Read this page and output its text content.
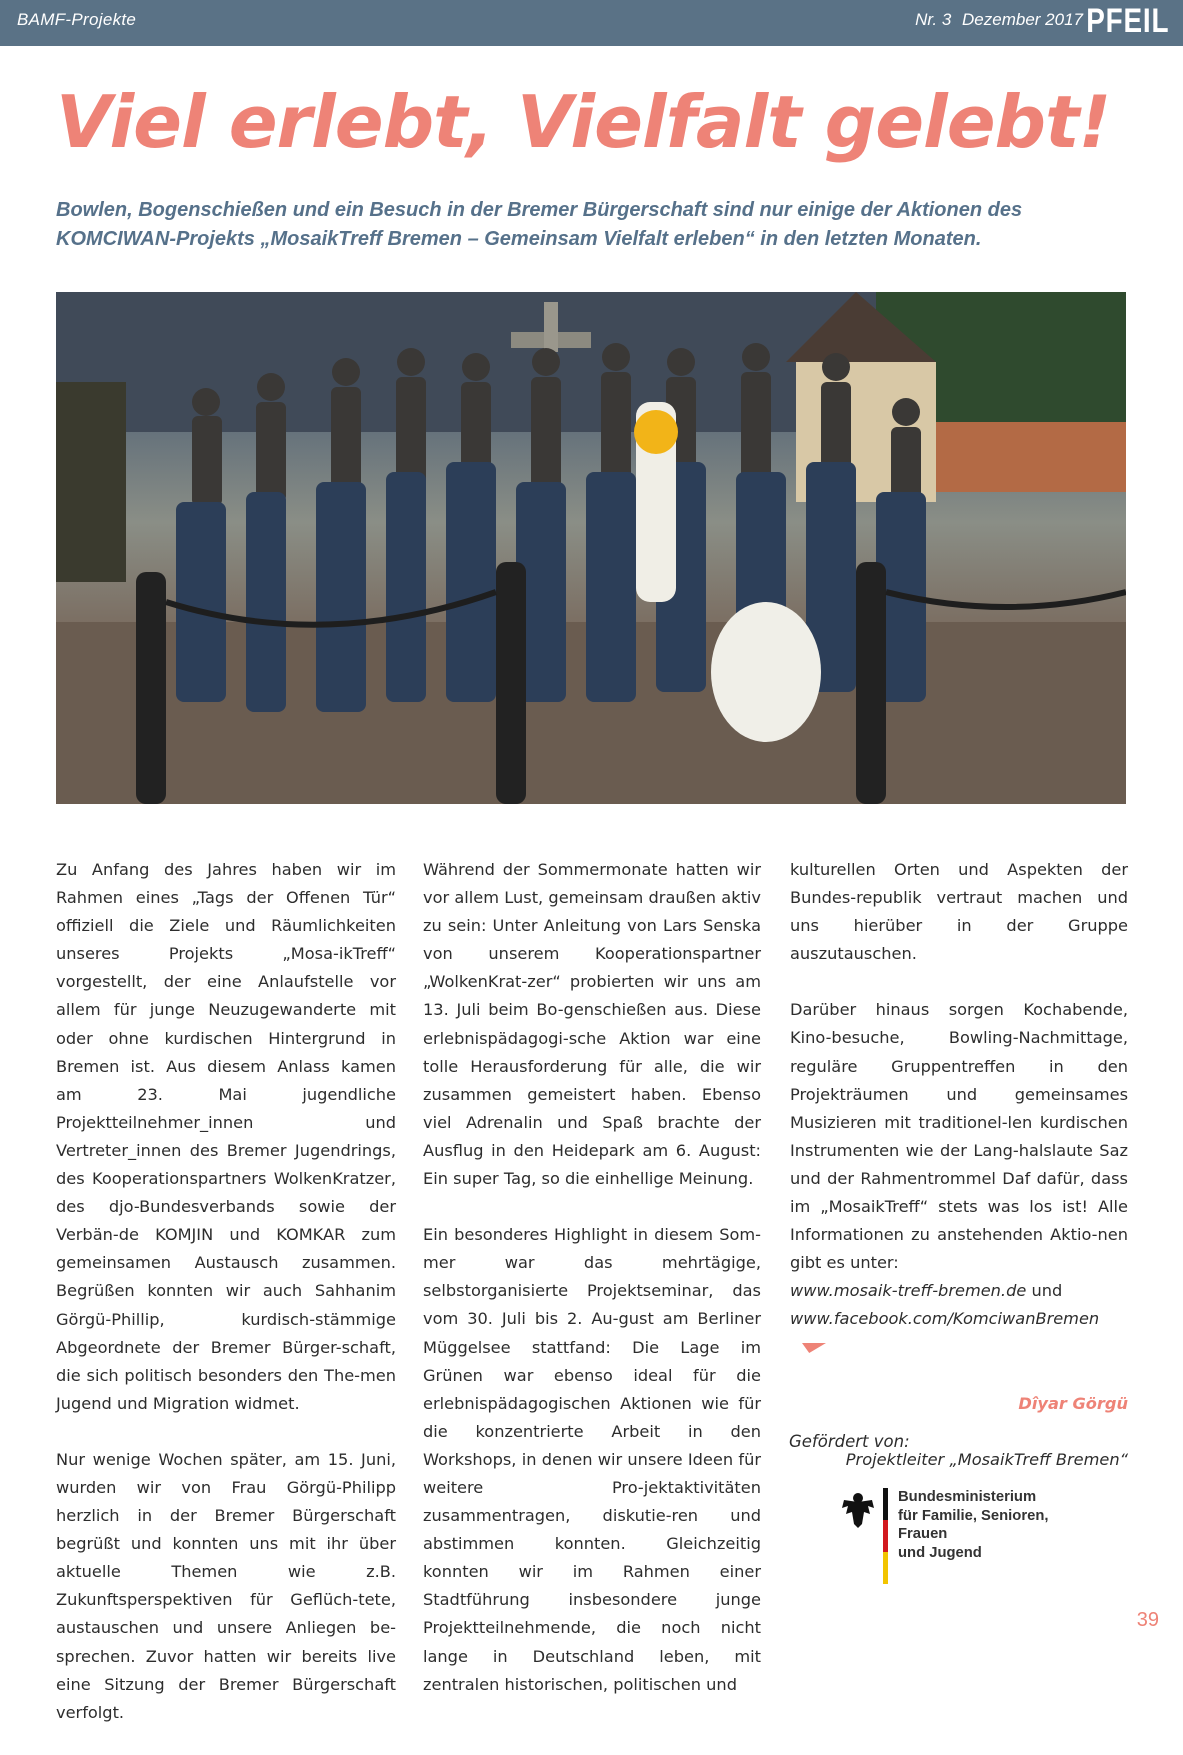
BAMF-Projekte	Nr. 3 Dezember 2017 PFEIL
Viel erlebt, Vielfalt gelebt!

Bowlen, Bogenschießen und ein Besuch in der Bremer Bürgerschaft sind nur einige der Aktionen des KOMCIWAN-Projekts „MosaikTreff Bremen – Gemeinsam Vielfalt erleben“ in den letzten Monaten.

Zu Anfang des Jahres haben wir im Rahmen eines „Tags der Offenen Tür“ offiziell die Ziele und Räumlichkeiten unseres Projekts „Mosa-ikTreff“ vorgestellt, der eine Anlaufstelle vor allem für junge Neuzugewanderte mit oder ohne kurdischen Hintergrund in Bremen ist. Aus diesem Anlass kamen am 23. Mai jugendliche Projektteilnehmer_innen und Vertreter_innen des Bremer Jugendrings, des Kooperationspartners WolkenKratzer, des djo-Bundesverbands sowie der Verbän-de KOMJIN und KOMKAR zum gemeinsamen Austausch zusammen. Begrüßen konnten wir auch Sahhanim Görgü-Phillip, kurdisch-stämmige Abgeordnete der Bremer Bürger-schaft, die sich politisch besonders den The-men Jugend und Migration widmet.

Nur wenige Wochen später, am 15. Juni, wurden wir von Frau Görgü-Philipp herzlich in der Bremer Bürgerschaft begrüßt und konnten uns mit ihr über aktuelle Themen wie z.B. Zukunftsperspektiven für Geflüch-tete, austauschen und unsere Anliegen be-sprechen. Zuvor hatten wir bereits live eine Sitzung der Bremer Bürgerschaft verfolgt.

Während der Sommermonate hatten wir vor allem Lust, gemeinsam draußen aktiv zu sein: Unter Anleitung von Lars Senska von unserem Kooperationspartner „WolkenKrat-zer“ probierten wir uns am 13. Juli beim Bo-genschießen aus. Diese erlebnispädagogi-sche Aktion war eine tolle Herausforderung für alle, die wir zusammen gemeistert haben. Ebenso viel Adrenalin und Spaß brachte der Ausflug in den Heidepark am 6. August: Ein super Tag, so die einhellige Meinung.

Ein besonderes Highlight in diesem Som-mer war das mehrtägige, selbstorganisierte Projektseminar, das vom 30. Juli bis 2. Au-gust am Berliner Müggelsee stattfand: Die Lage im Grünen war ebenso ideal für die erlebnispädagogischen Aktionen wie für die konzentrierte Arbeit in den Workshops, in denen wir unsere Ideen für weitere Pro-jektaktivitäten zusammentragen, diskutie-ren und abstimmen konnten. Gleichzeitig konnten wir im Rahmen einer Stadtführung insbesondere junge Projektteilnehmende, die noch nicht lange in Deutschland leben, mit zentralen historischen, politischen und

kulturellen Orten und Aspekten der Bundes-republik vertraut machen und uns hierüber in der Gruppe auszutauschen.

Darüber hinaus sorgen Kochabende, Kino-besuche, Bowling-Nachmittage, reguläre Gruppentreffen in den Projekträumen und gemeinsames Musizieren mit traditionel-len kurdischen Instrumenten wie der Lang-halslaute Saz und der Rahmentrommel Daf dafür, dass im „MosaikTreff“ stets was los ist! Alle Informationen zu anstehenden Aktio-nen gibt es unter:

www.mosaik-treff-bremen.de und
www.facebook.com/KomciwanBremen

Dîyar Görgü

Projektleiter „MosaikTreff Bremen“

Gefördert von:
Bundesministerium
für Familie, Senioren, Frauen
und Jugend
39
